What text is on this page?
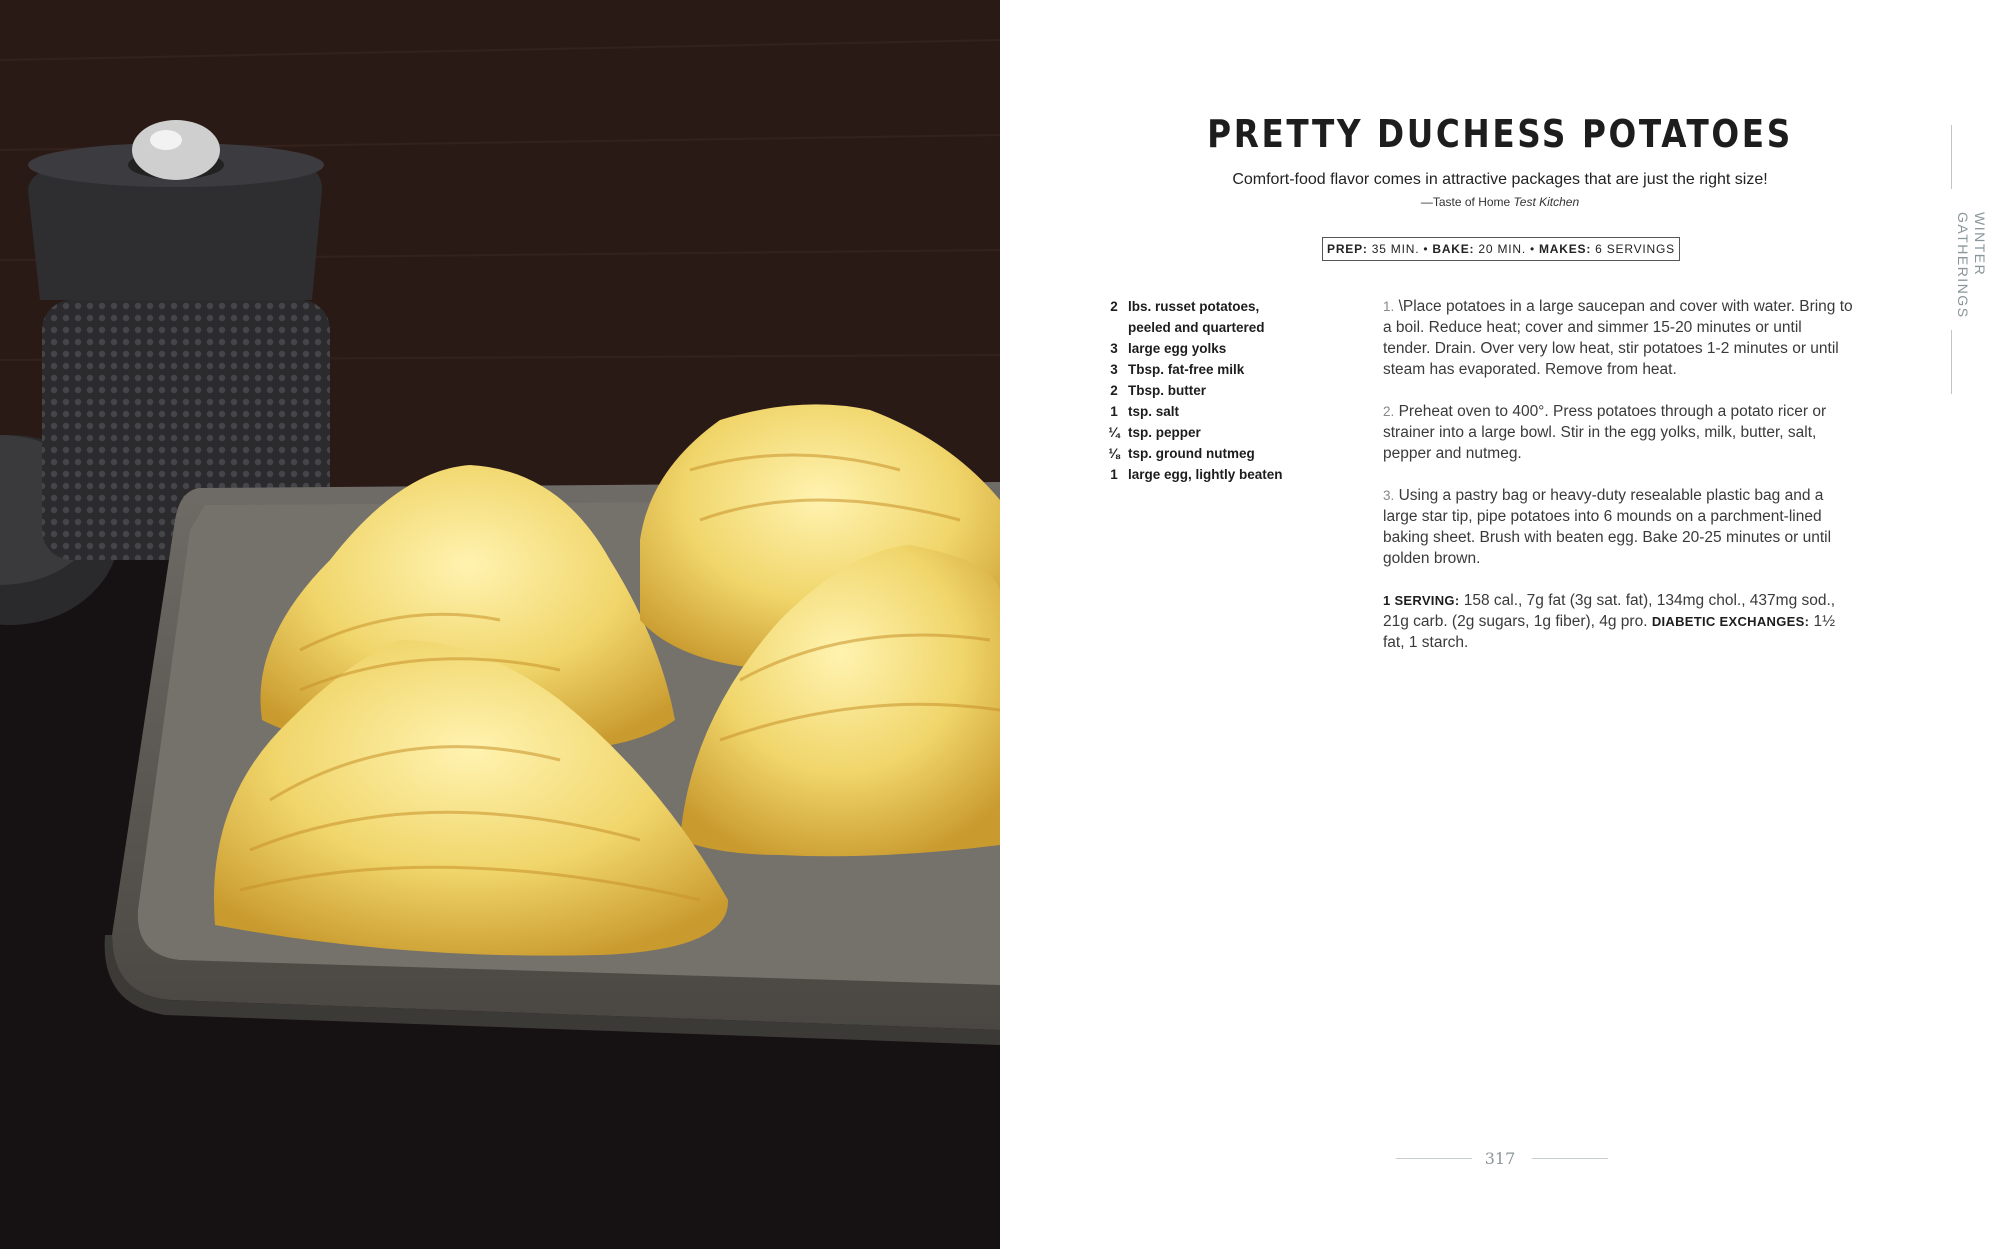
PRETTY DUCHESS POTATOES
Comfort-food flavor comes in attractive packages that are just the right size!
—Taste of Home Test Kitchen
PREP: 35 MIN. • BAKE: 20 MIN. • MAKES: 6 SERVINGS
2 lbs. russet potatoes,
peeled and quartered
3 large egg yolks
3 Tbsp. fat-free milk
2 Tbsp. butter
1 tsp. salt
¼ tsp. pepper
⅛ tsp. ground nutmeg
1 large egg, lightly beaten

1. \Place potatoes in a large saucepan and cover with water. Bring to a boil. Reduce heat; cover and simmer 15-20 minutes or until tender. Drain. Over very low heat, stir potatoes 1-2 minutes or until steam has evaporated. Remove from heat.

2. Preheat oven to 400°. Press potatoes through a potato ricer or strainer into a large bowl. Stir in the egg yolks, milk, butter, salt, pepper and nutmeg.

3. Using a pastry bag or heavy-duty resealable plastic bag and a large star tip, pipe potatoes into 6 mounds on a parchment-lined baking sheet. Brush with beaten egg. Bake 20-25 minutes or until golden brown.

1 SERVING: 158 cal., 7g fat (3g sat. fat), 134mg chol., 437mg sod., 21g carb. (2g sugars, 1g fiber), 4g pro. DIABETIC EXCHANGES: 1½ fat, 1 starch.

WINTER
GATHERINGS
317
